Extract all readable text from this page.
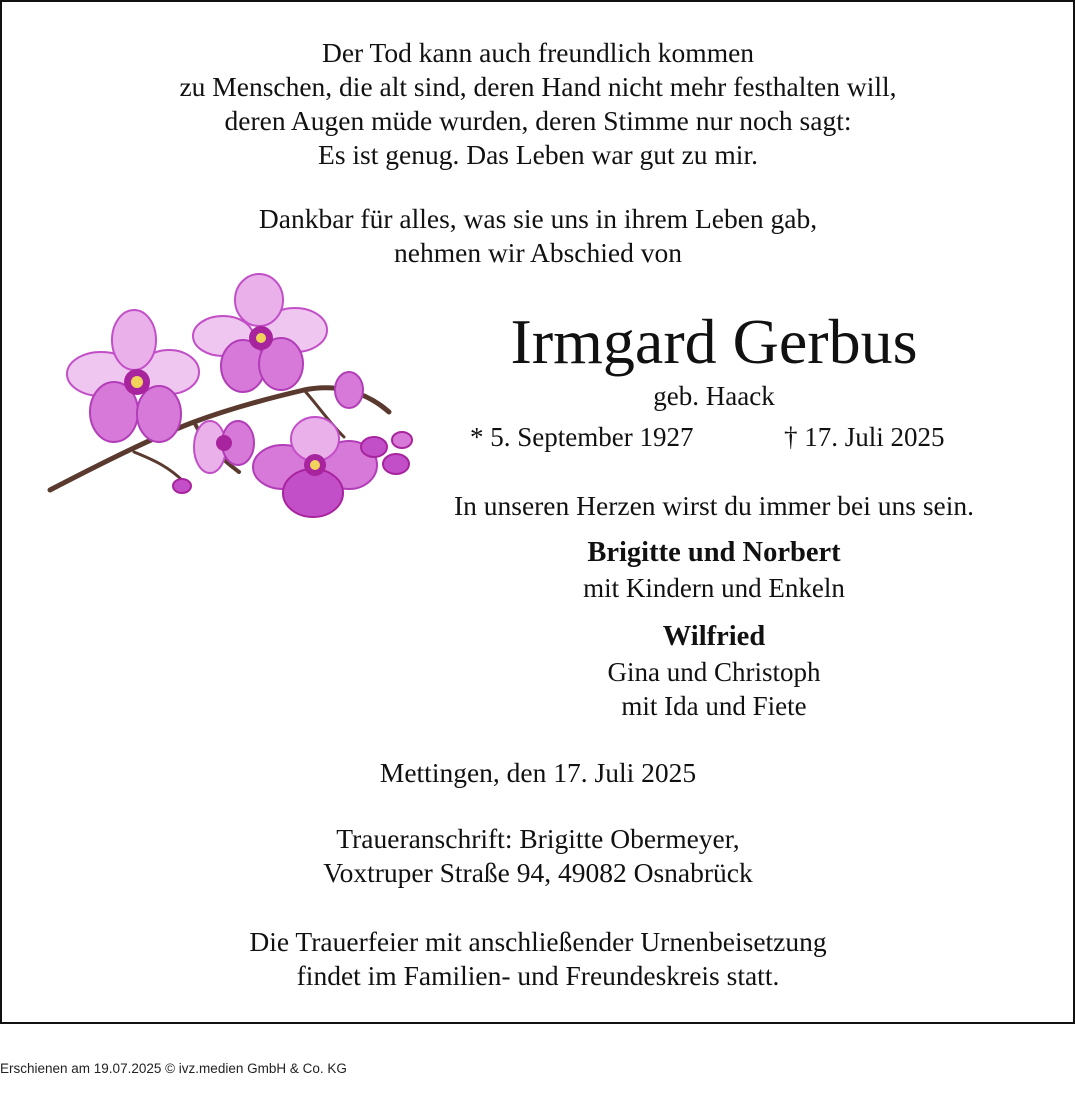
Der Tod kann auch freundlich kommen
zu Menschen, die alt sind, deren Hand nicht mehr festhalten will,
deren Augen müde wurden, deren Stimme nur noch sagt:
Es ist genug. Das Leben war gut zu mir.
Dankbar für alles, was sie uns in ihrem Leben gab,
nehmen wir Abschied von
Irmgard Gerbus
geb. Haack
* 5. September 1927	† 17. Juli 2025
In unseren Herzen wirst du immer bei uns sein.
Brigitte und Norbert
mit Kindern und Enkeln
Wilfried
Gina und Christoph
mit Ida und Fiete
Mettingen, den 17. Juli 2025
Traueranschrift: Brigitte Obermeyer,
Voxtruper Straße 94, 49082 Osnabrück
Die Trauerfeier mit anschließender Urnenbeisetzung
findet im Familien- und Freundeskreis statt.
Erschienen am 19.07.2025 © ivz.medien GmbH & Co. KG
